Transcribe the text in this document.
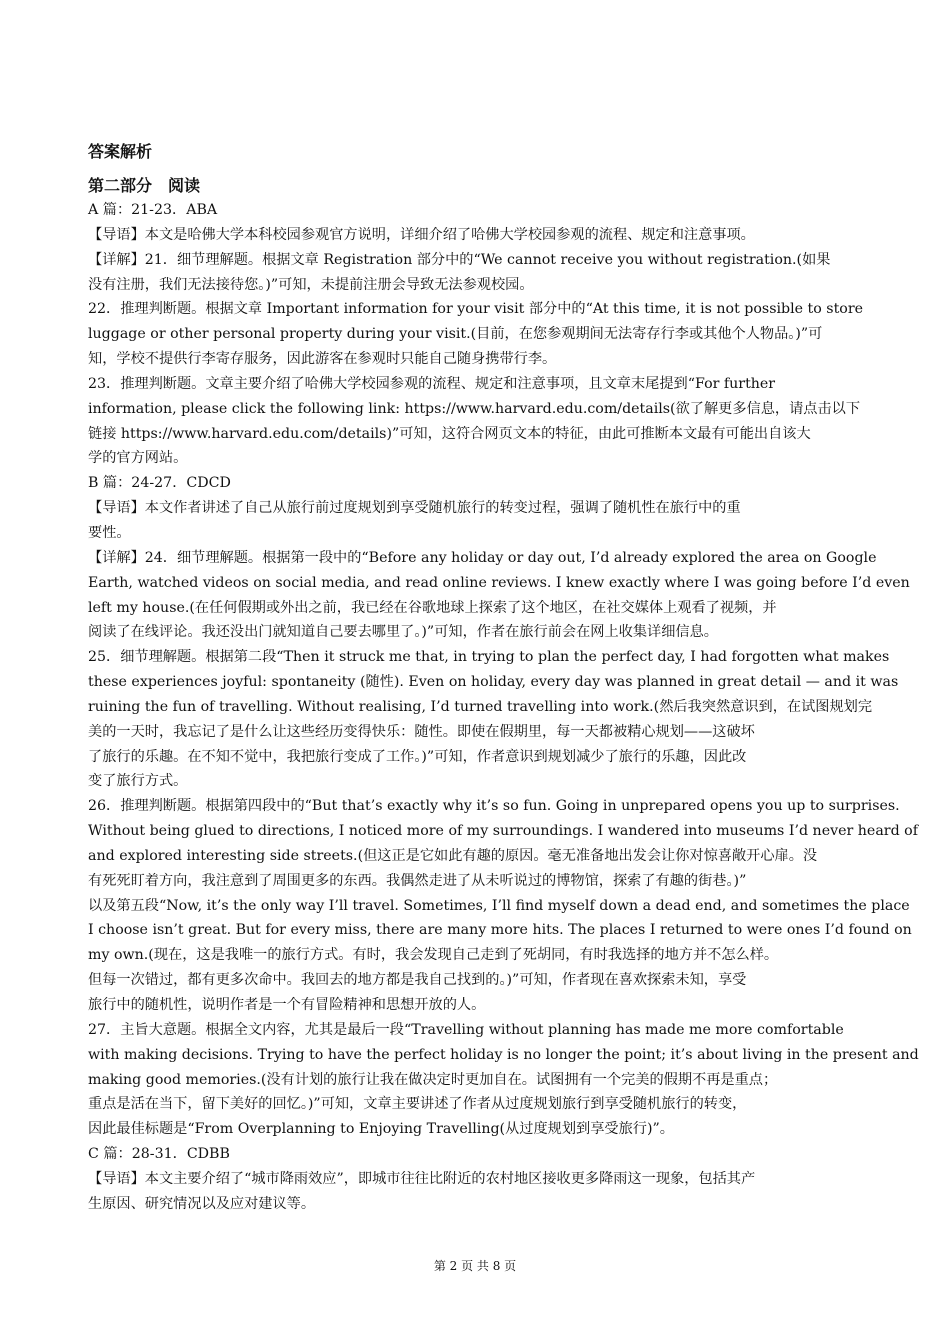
答案解析
第二部分　阅读
A 篇：21-23．ABA
【导语】本文是哈佛大学本科校园参观官方说明，详细介绍了哈佛大学校园参观的流程、规定和注意事项。
【详解】21．细节理解题。根据文章 Registration 部分中的“We cannot receive you without registration.(如果
没有注册，我们无法接待您。)”可知，未提前注册会导致无法参观校园。
22．推理判断题。根据文章 Important information for your visit 部分中的“At this time, it is not possible to store
luggage or other personal property during your visit.(目前，在您参观期间无法寄存行李或其他个人物品。)”可
知，学校不提供行李寄存服务，因此游客在参观时只能自己随身携带行李。
23．推理判断题。文章主要介绍了哈佛大学校园参观的流程、规定和注意事项，且文章末尾提到“For further
information, please click the following link: https://www.harvard.edu.com/details(欲了解更多信息，请点击以下
链接 https://www.harvard.edu.com/details)”可知，这符合网页文本的特征，由此可推断本文最有可能出自该大
学的官方网站。
B 篇：24-27．CDCD
【导语】本文作者讲述了自己从旅行前过度规划到享受随机旅行的转变过程，强调了随机性在旅行中的重
要性。
【详解】24．细节理解题。根据第一段中的“Before any holiday or day out, I’d already explored the area on Google
Earth, watched videos on social media, and read online reviews. I knew exactly where I was going before I’d even
left my house.(在任何假期或外出之前，我已经在谷歌地球上探索了这个地区，在社交媒体上观看了视频，并
阅读了在线评论。我还没出门就知道自己要去哪里了。)”可知，作者在旅行前会在网上收集详细信息。
25．细节理解题。根据第二段“Then it struck me that, in trying to plan the perfect day, I had forgotten what makes
these experiences joyful: spontaneity (随性). Even on holiday, every day was planned in great detail — and it was
ruining the fun of travelling. Without realising, I’d turned travelling into work.(然后我突然意识到，在试图规划完
美的一天时，我忘记了是什么让这些经历变得快乐：随性。即使在假期里，每一天都被精心规划——这破坏
了旅行的乐趣。在不知不觉中，我把旅行变成了工作。)”可知，作者意识到规划减少了旅行的乐趣，因此改
变了旅行方式。
26．推理判断题。根据第四段中的“But that’s exactly why it’s so fun. Going in unprepared opens you up to surprises.
Without being glued to directions, I noticed more of my surroundings. I wandered into museums I’d never heard of
and explored interesting side streets.(但这正是它如此有趣的原因。毫无准备地出发会让你对惊喜敞开心扉。没
有死死盯着方向，我注意到了周围更多的东西。我偶然走进了从未听说过的博物馆，探索了有趣的街巷。)”
以及第五段“Now, it’s the only way I’ll travel. Sometimes, I’ll find myself down a dead end, and sometimes the place
I choose isn’t great. But for every miss, there are many more hits. The places I returned to were ones I’d found on
my own.(现在，这是我唯一的旅行方式。有时，我会发现自己走到了死胡同，有时我选择的地方并不怎么样。
但每一次错过，都有更多次命中。我回去的地方都是我自己找到的。)”可知，作者现在喜欢探索未知，享受
旅行中的随机性，说明作者是一个有冒险精神和思想开放的人。
27．主旨大意题。根据全文内容，尤其是最后一段“Travelling without planning has made me more comfortable
with making decisions. Trying to have the perfect holiday is no longer the point; it’s about living in the present and
making good memories.(没有计划的旅行让我在做决定时更加自在。试图拥有一个完美的假期不再是重点；
重点是活在当下，留下美好的回忆。)”可知，文章主要讲述了作者从过度规划旅行到享受随机旅行的转变，
因此最佳标题是“From Overplanning to Enjoying Travelling(从过度规划到享受旅行)”。
C 篇：28-31．CDBB
【导语】本文主要介绍了“城市降雨效应”，即城市往往比附近的农村地区接收更多降雨这一现象，包括其产
生原因、研究情况以及应对建议等。
第 2 页 共 8 页
